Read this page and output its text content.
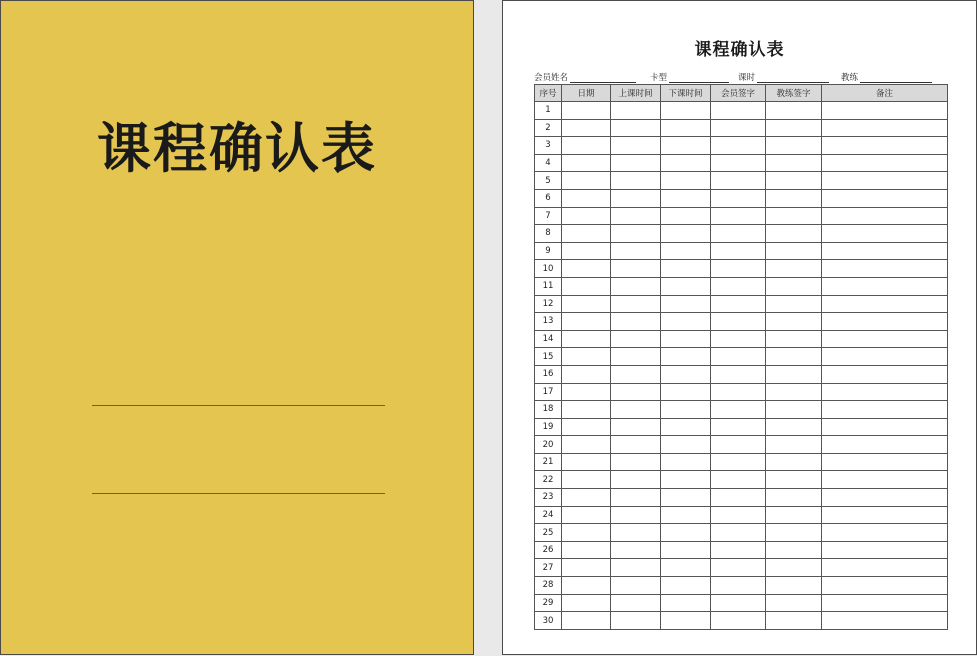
课程确认表
课程确认表
会员姓名	卡型	课时	教练
序号	日期	上课时间	下课时间	会员签字	教练签字	备注
1						
2						
3						
4						
5						
6						
7						
8						
9						
10						
11						
12						
13						
14						
15						
16						
17						
18						
19						
20						
21						
22						
23						
24						
25						
26						
27						
28						
29						
30						
